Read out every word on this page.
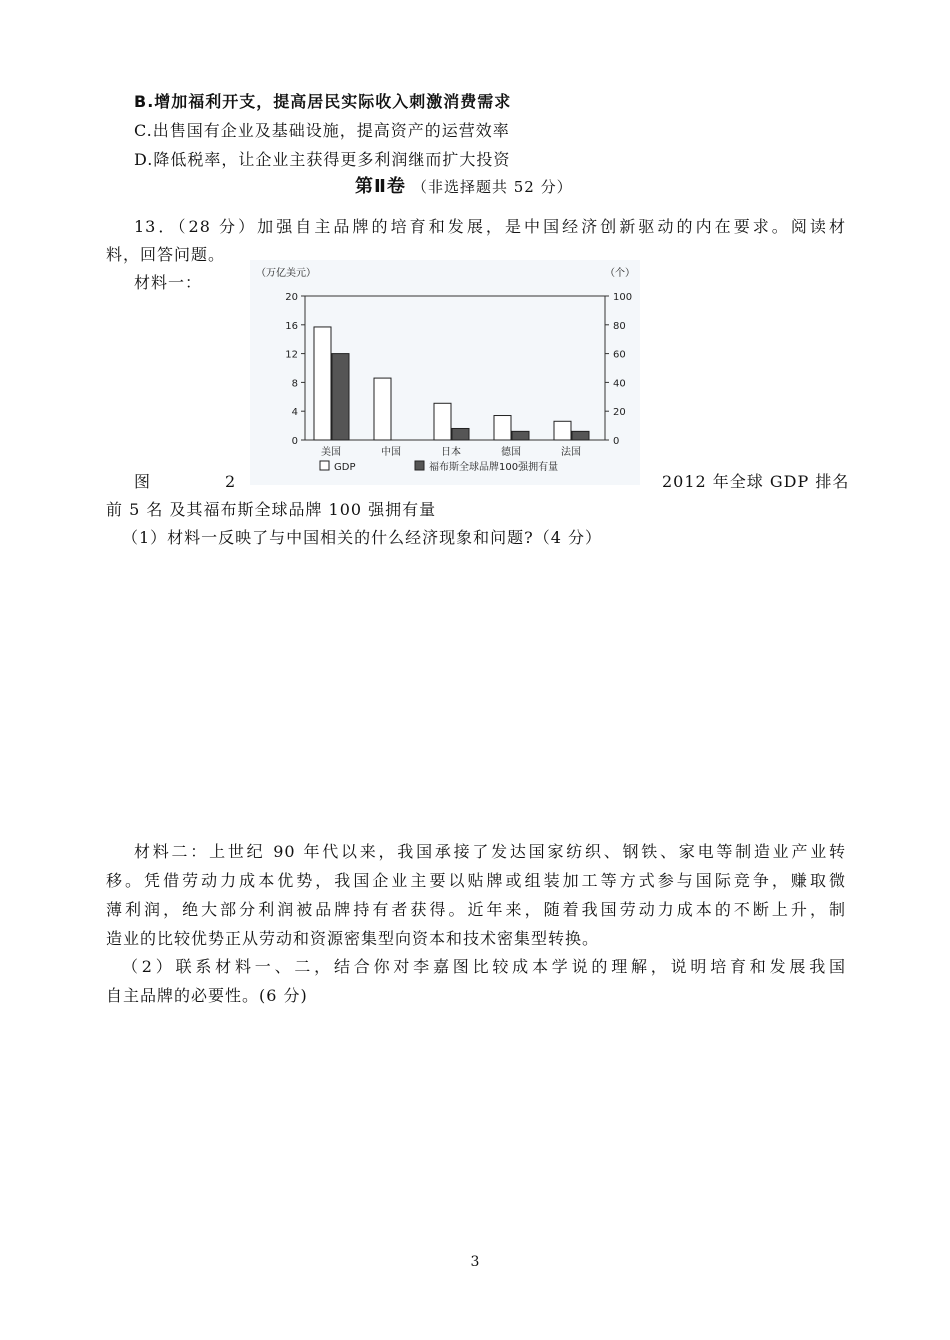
B.增加福利开支，提高居民实际收入刺激消费需求
C.出售国有企业及基础设施，提高资产的运营效率
D.降低税率，让企业主获得更多利润继而扩大投资
第Ⅱ卷 （非选择题共 52 分）
13．（28 分）加强自主品牌的培育和发展，是中国经济创新驱动的内在要求。阅读材
料，回答问题。
材料一：	（万亿美元）	（个）
0
4
8
12
16
20
0
20
40
60
80
100
美国	中国	日本	德国	法国
GDP	福布斯全球品牌100强拥有量
图	2	2012 年全球 GDP 排名
前 5 名 及其福布斯全球品牌 100 强拥有量
（1）材料一反映了与中国相关的什么经济现象和问题?（4 分）
材料二：上世纪 90 年代以来，我国承接了发达国家纺织、钢铁、家电等制造业产业转
移。凭借劳动力成本优势，我国企业主要以贴牌或组装加工等方式参与国际竞争，赚取微
薄利润，绝大部分利润被品牌持有者获得。近年来，随着我国劳动力成本的不断上升，制
造业的比较优势正从劳动和资源密集型向资本和技术密集型转换。
（2）联系材料一、二，结合你对李嘉图比较成本学说的理解，说明培育和发展我国
自主品牌的必要性。(6 分)
3
